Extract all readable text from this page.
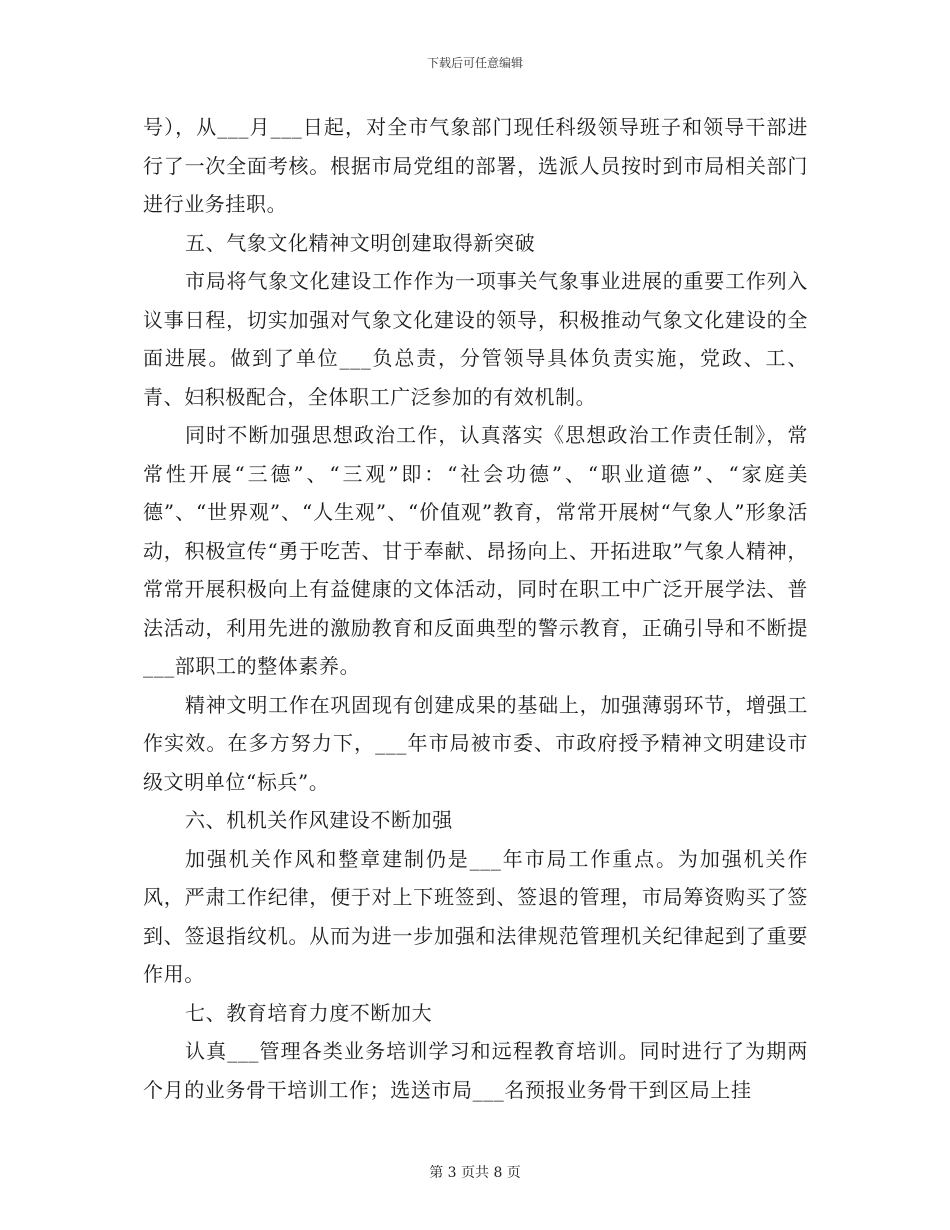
下载后可任意编辑

号），从___月___日起，对全市气象部门现任科级领导班子和领导干部进行了一次全面考核。根据市局党组的部署，选派人员按时到市局相关部门进行业务挂职。

五、气象文化精神文明创建取得新突破

市局将气象文化建设工作作为一项事关气象事业进展的重要工作列入议事日程，切实加强对气象文化建设的领导，积极推动气象文化建设的全面进展。做到了单位___负总责，分管领导具体负责实施，党政、工、青、妇积极配合，全体职工广泛参加的有效机制。

同时不断加强思想政治工作，认真落实《思想政治工作责任制》，常常性开展“三德”、“三观”即：“社会功德”、“职业道德”、“家庭美德”、“世界观”、“人生观”、“价值观”教育，常常开展树“气象人”形象活动，积极宣传“勇于吃苦、甘于奉献、昂扬向上、开拓进取”气象人精神，常常开展积极向上有益健康的文体活动，同时在职工中广泛开展学法、普法活动，利用先进的激励教育和反面典型的警示教育，正确引导和不断提___部职工的整体素养。

精神文明工作在巩固现有创建成果的基础上，加强薄弱环节，增强工作实效。在多方努力下，___年市局被市委、市政府授予精神文明建设市级文明单位“标兵”。

六、机机关作风建设不断加强

加强机关作风和整章建制仍是___年市局工作重点。为加强机关作风，严肃工作纪律，便于对上下班签到、签退的管理，市局筹资购买了签到、签退指纹机。从而为进一步加强和法律规范管理机关纪律起到了重要作用。

七、教育培育力度不断加大

认真___管理各类业务培训学习和远程教育培训。同时进行了为期两个月的业务骨干培训工作；选送市局___名预报业务骨干到区局上挂

第 3 页共 8 页
